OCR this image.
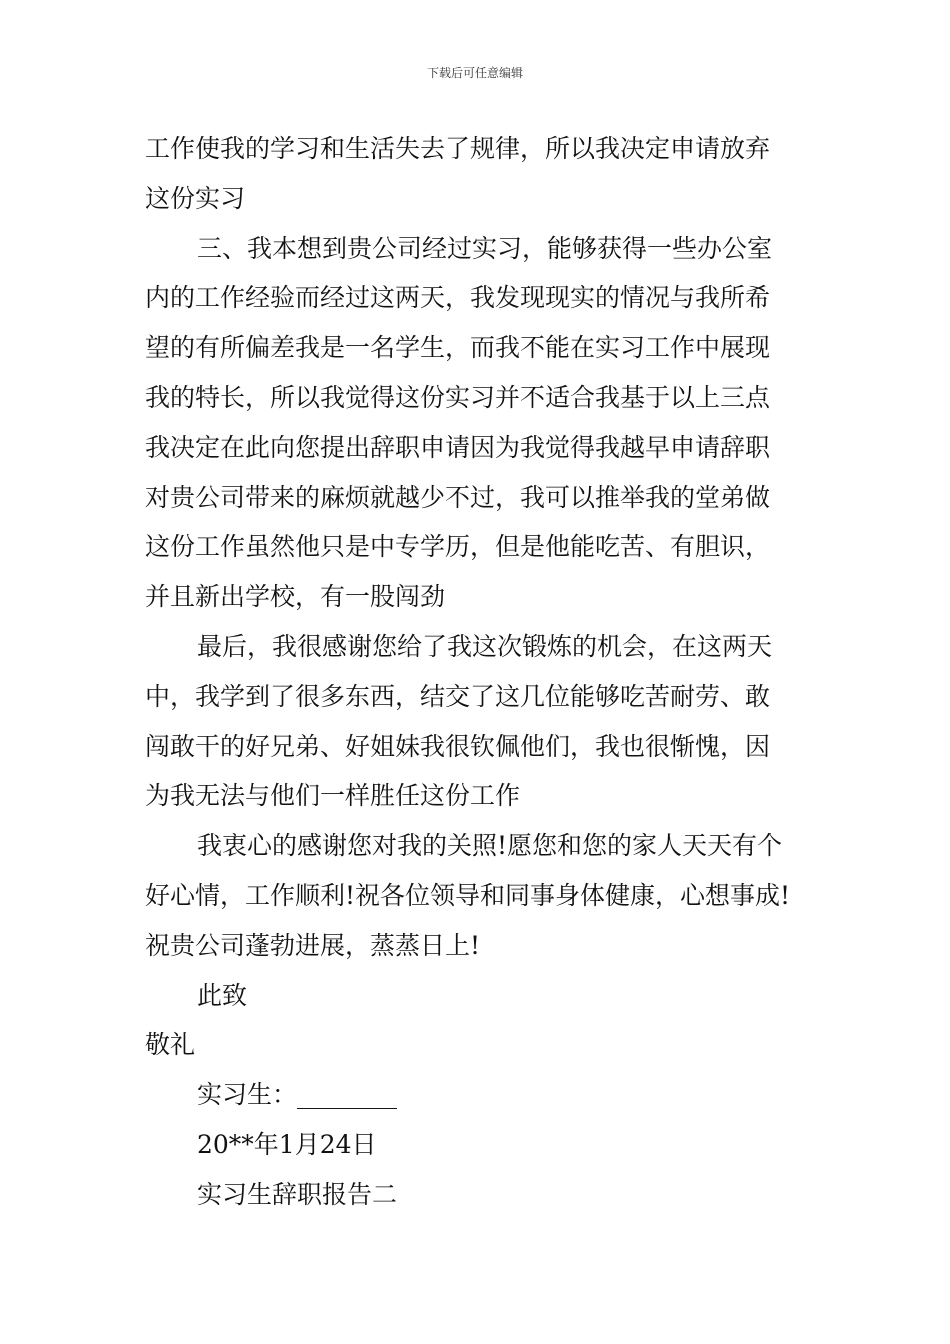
下载后可任意编辑

工作使我的学习和生活失去了规律，所以我决定申请放弃

这份实习

三、我本想到贵公司经过实习，能够获得一些办公室

内的工作经验而经过这两天，我发现现实的情况与我所希

望的有所偏差我是一名学生，而我不能在实习工作中展现

我的特长，所以我觉得这份实习并不适合我基于以上三点

我决定在此向您提出辞职申请因为我觉得我越早申请辞职

对贵公司带来的麻烦就越少不过，我可以推举我的堂弟做

这份工作虽然他只是中专学历，但是他能吃苦、有胆识，

并且新出学校，有一股闯劲

最后，我很感谢您给了我这次锻炼的机会，在这两天

中，我学到了很多东西，结交了这几位能够吃苦耐劳、敢

闯敢干的好兄弟、好姐妹我很钦佩他们，我也很惭愧，因

为我无法与他们一样胜任这份工作

我衷心的感谢您对我的关照!愿您和您的家人天天有个

好心情，工作顺利!祝各位领导和同事身体健康，心想事成!

祝贵公司蓬勃进展，蒸蒸日上!

此致

敬礼

实习生：________

20**年1月24日

实习生辞职报告二
